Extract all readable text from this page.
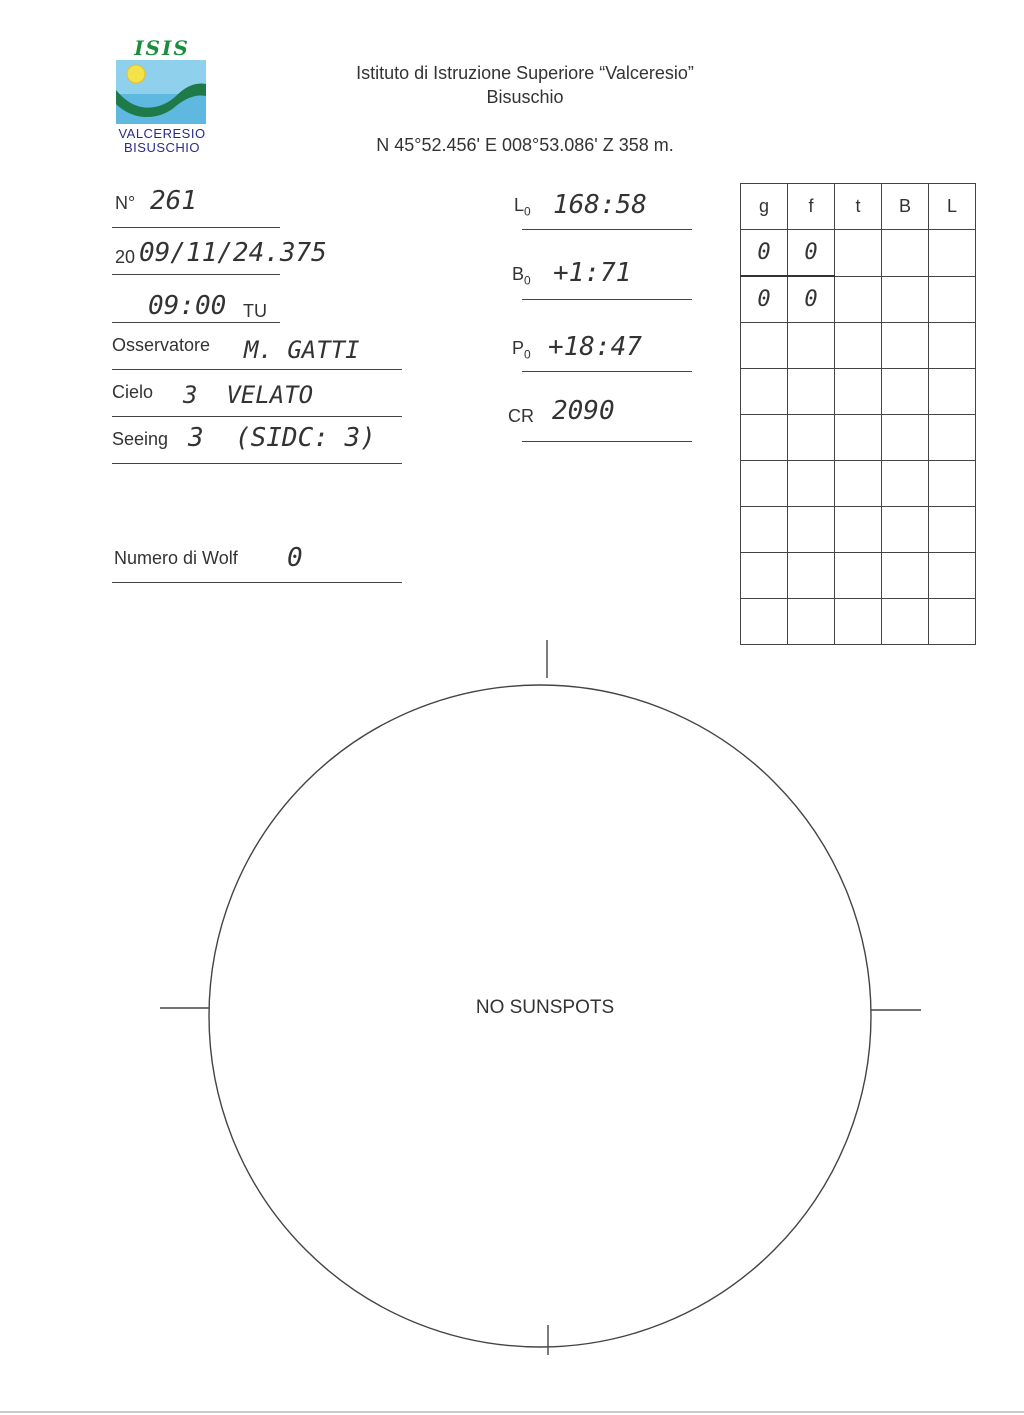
ISIS
VALCERESIO
BISUSCHIO
Istituto di Istruzione Superiore “Valceresio”
Bisuschio
N 45°52.456' E 008°53.086' Z 358 m.
N° 261
20 09/11/24.375
09:00 TU
Osservatore M. GATTI
Cielo 3  VELATO
Seeing 3  (SIDC: 3)
Numero di Wolf 0
$L_0$ 168:58
$B_0$ +1:71
$P_0$ +18:47
CR 2090
g	f	t	B	L
0	0			
0	0			

NO SUNSPOTS
